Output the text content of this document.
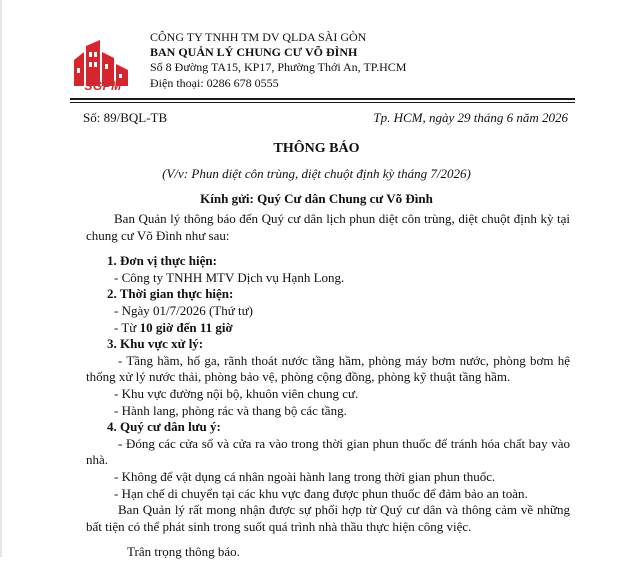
SGPM
CÔNG TY TNHH TM DV QLDA SÀI GÒN
BAN QUẢN LÝ CHUNG CƯ VÕ ĐÌNH
Số 8 Đường TA15, KP17, Phường Thới An, TP.HCM
Điện thoại: 0286 678 0555
Số: 89/BQL-TB	Tp. HCM, ngày 29 tháng 6 năm 2026
THÔNG BÁO
(V/v: Phun diệt côn trùng, diệt chuột định kỳ tháng 7/2026)
Kính gửi: Quý Cư dân Chung cư Võ Đình

Ban Quản lý thông báo đến Quý cư dân lịch phun diệt côn trùng, diệt chuột định kỳ tại chung cư Võ Đình như sau:

1. Đơn vị thực hiện:

- Công ty TNHH MTV Dịch vụ Hạnh Long.

2. Thời gian thực hiện:

- Ngày 01/7/2026 (Thứ tư)

- Từ 10 giờ đến 11 giờ

3. Khu vực xử lý:

- Tầng hầm, hố ga, rãnh thoát nước tầng hầm, phòng máy bơm nước, phòng bơm hệ thống xử lý nước thải, phòng bảo vệ, phòng cộng đồng, phòng kỹ thuật tầng hầm.

- Khu vực đường nội bộ, khuôn viên chung cư.

- Hành lang, phòng rác và thang bộ các tầng.

4. Quý cư dân lưu ý:

- Đóng các cửa sổ và cửa ra vào trong thời gian phun thuốc để tránh hóa chất bay vào nhà.

- Không để vật dụng cá nhân ngoài hành lang trong thời gian phun thuốc.

- Hạn chế di chuyển tại các khu vực đang được phun thuốc để đảm bảo an toàn.

Ban Quản lý rất mong nhận được sự phối hợp từ Quý cư dân và thông cảm về những bất tiện có thể phát sinh trong suốt quá trình nhà thầu thực hiện công việc.

Trân trọng thông báo.
